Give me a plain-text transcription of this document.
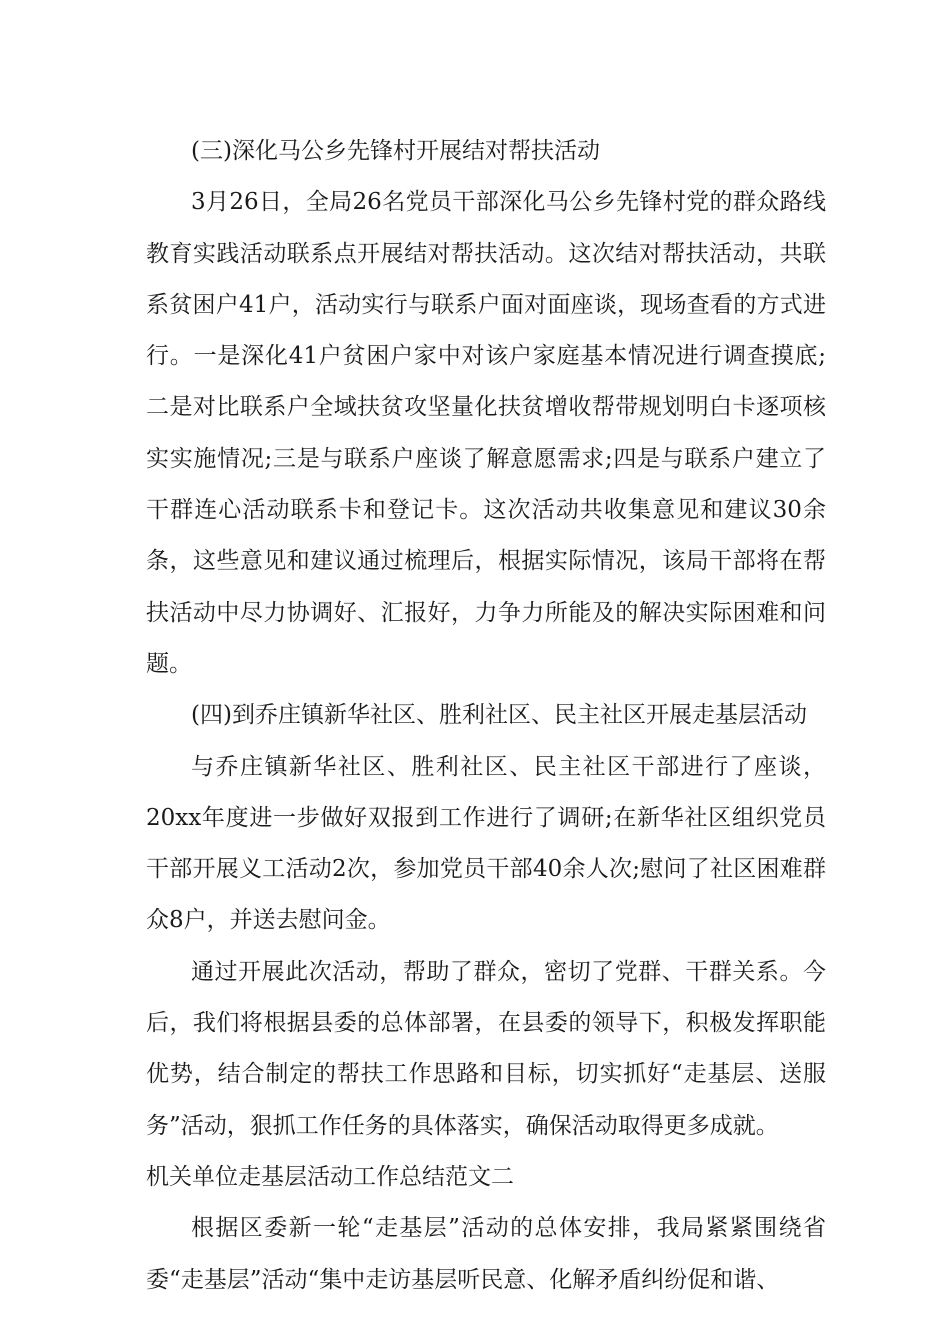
(三)深化马公乡先锋村开展结对帮扶活动

3月26日，全局26名党员干部深化马公乡先锋村党的群众路线教育实践活动联系点开展结对帮扶活动。这次结对帮扶活动，共联系贫困户41户，活动实行与联系户面对面座谈，现场查看的方式进行。一是深化41户贫困户家中对该户家庭基本情况进行调查摸底;二是对比联系户全域扶贫攻坚量化扶贫增收帮带规划明白卡逐项核实实施情况;三是与联系户座谈了解意愿需求;四是与联系户建立了干群连心活动联系卡和登记卡。这次活动共收集意见和建议30余条，这些意见和建议通过梳理后，根据实际情况，该局干部将在帮扶活动中尽力协调好、汇报好，力争力所能及的解决实际困难和问题。

(四)到乔庄镇新华社区、胜利社区、民主社区开展走基层活动

与乔庄镇新华社区、胜利社区、民主社区干部进行了座谈，20xx年度进一步做好双报到工作进行了调研;在新华社区组织党员干部开展义工活动2次，参加党员干部40余人次;慰问了社区困难群众8户，并送去慰问金。

通过开展此次活动，帮助了群众，密切了党群、干群关系。今后，我们将根据县委的总体部署，在县委的领导下，积极发挥职能优势，结合制定的帮扶工作思路和目标，切实抓好“走基层、送服务”活动，狠抓工作任务的具体落实，确保活动取得更多成就。

机关单位走基层活动工作总结范文二

根据区委新一轮“走基层”活动的总体安排，我局紧紧围绕省委“走基层”活动“集中走访基层听民意、化解矛盾纠纷促和谐、
